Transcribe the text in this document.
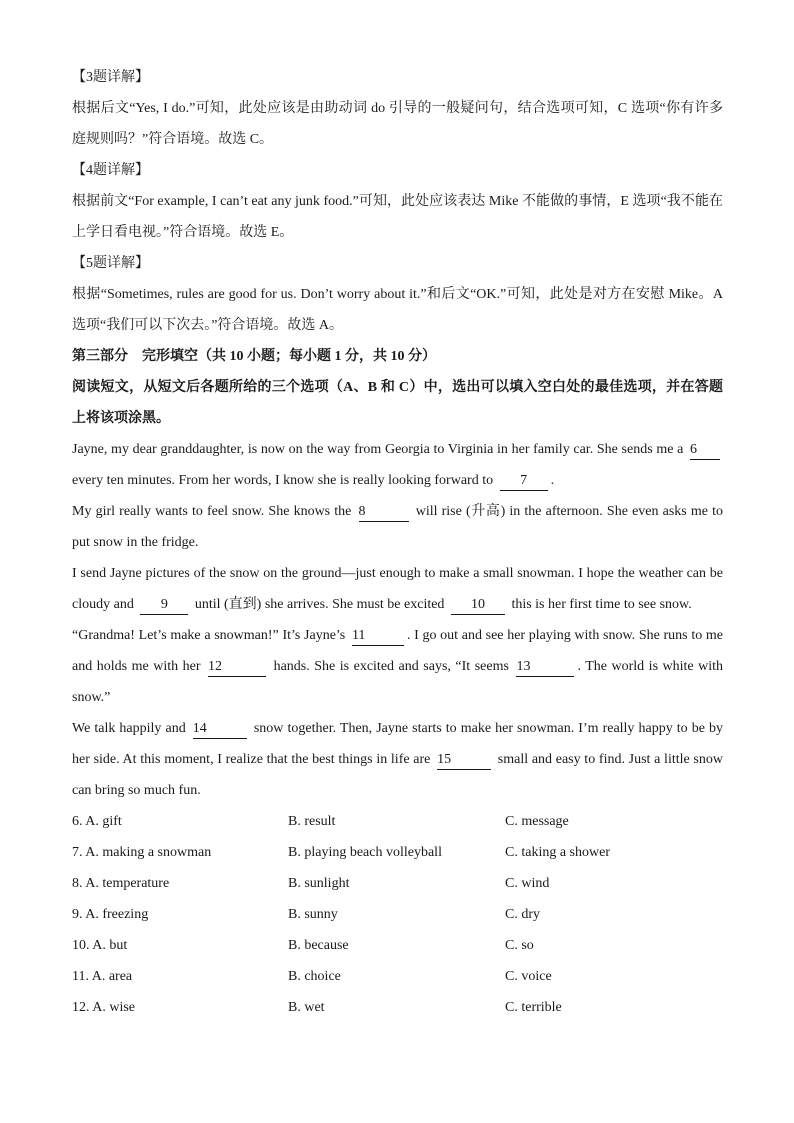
【3题详解】
根据后文“Yes, I do.”可知，此处应该是由助动词 do 引导的一般疑问句，结合选项可知，C 选项“你有许多
庭规则吗？”符合语境。故选 C。
【4题详解】
根据前文“For example, I can’t eat any junk food.”可知，此处应该表达 Mike 不能做的事情，E 选项“我不能在
上学日看电视。”符合语境。故选 E。
【5题详解】
根据“Sometimes, rules are good for us. Don’t worry about it.”和后文“OK.”可知，此处是对方在安慰 Mike。A
选项“我们可以下次去。”符合语境。故选 A。
第三部分　完形填空（共 10 小题；每小题 1 分，共 10 分）
阅读短文，从短文后各题所给的三个选项（A、B 和 C）中，选出可以填入空白处的最佳选项，并在答题
上将该项涂黑。
Jayne, my dear granddaughter, is now on the way from Georgia to Virginia in her family car. She sends me a 6
every ten minutes. From her words, I know she is really looking forward to 7 .
My girl really wants to feel snow. She knows the 8	will rise (升高) in the afternoon. She even asks me to
put snow in the fridge.
I send Jayne pictures of the snow on the ground—just enough to make a small snowman. I hope the weather can be
cloudy and 9 until (直到) she arrives. She must be excited 10 this is her first time to see snow.
“Grandma! Let’s make a snowman!” It’s Jayne’s 11	. I go out and see her playing with snow. She runs to me
and holds me with her 12	hands. She is excited and says, “It seems 13	. The world is white with
snow.”
We talk happily and 14	snow together. Then, Jayne starts to make her snowman. I’m really happy to be by
her side. At this moment, I realize that the best things in life are 15	small and easy to find. Just a little snow
can bring so much fun.
6. A. gift	B. result	C. message
7. A. making a snowman	B. playing beach volleyball	C. taking a shower
8. A. temperature	B. sunlight	C. wind
9. A. freezing	B. sunny	C. dry
10. A. but	B. because	C. so
11. A. area	B. choice	C. voice
12. A. wise	B. wet	C. terrible
